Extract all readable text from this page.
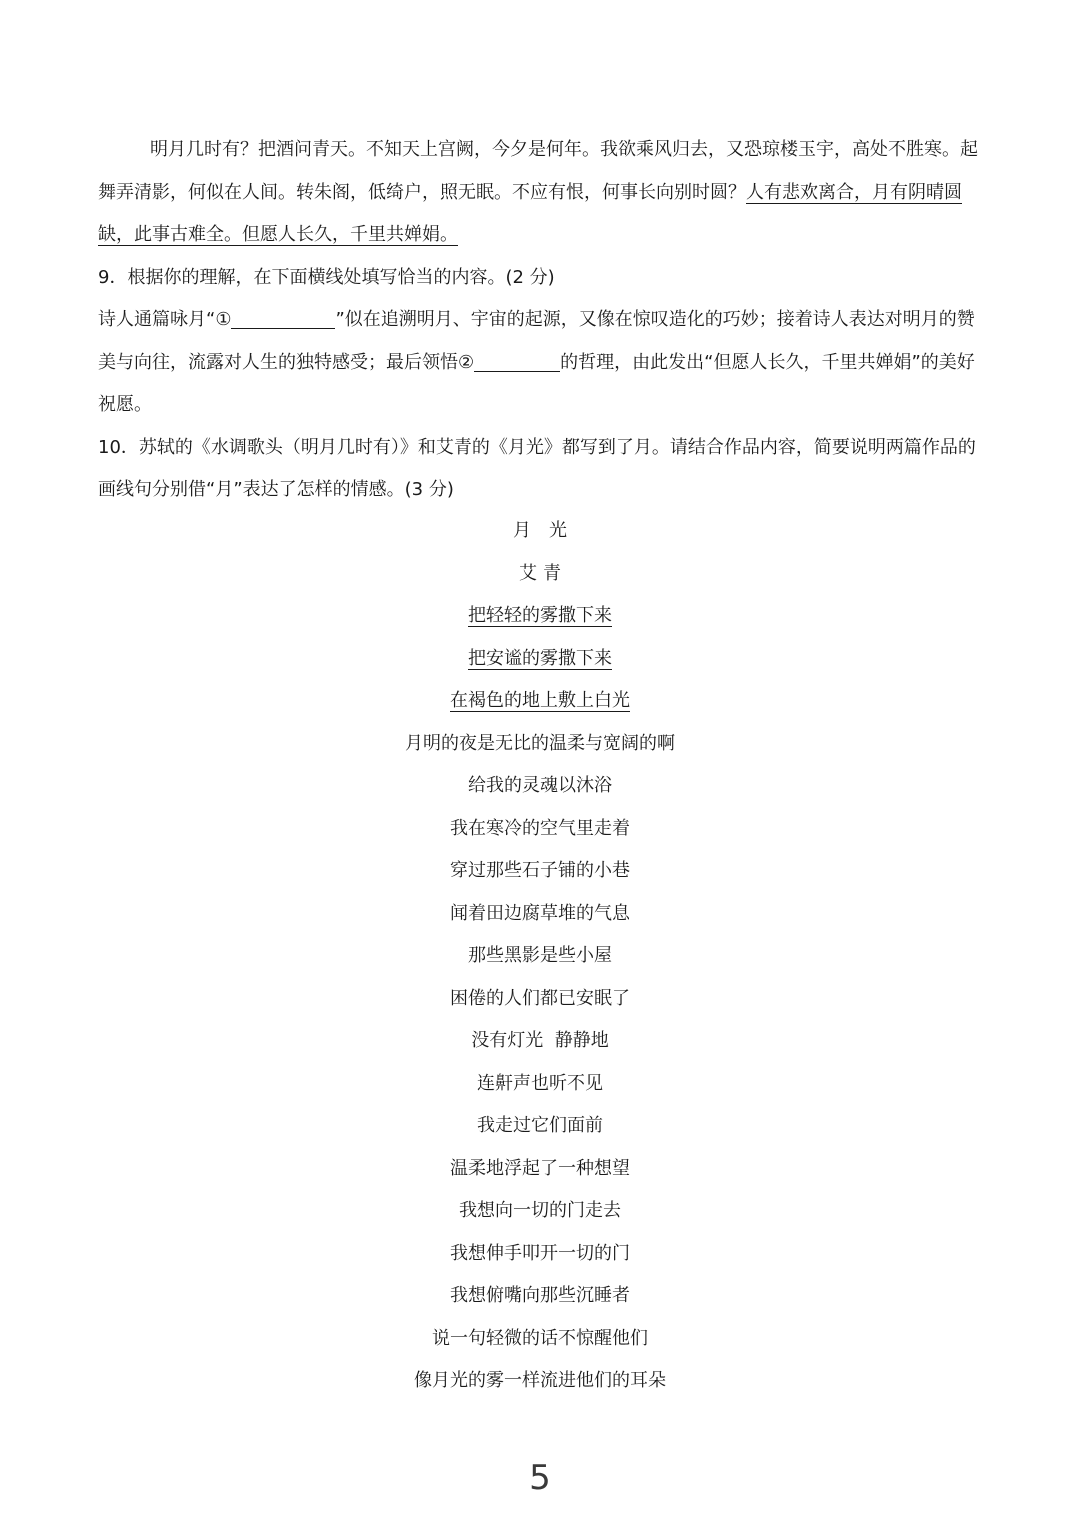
明月几时有？把酒问青天。不知天上宫阙，今夕是何年。我欲乘风归去，又恐琼楼玉宇，高处不胜寒。起舞弄清影，何似在人间。转朱阁，低绮户，照无眠。不应有恨，何事长向别时圆？人有悲欢离合，月有阴晴圆缺，此事古难全。但愿人长久，千里共婵娟。

9．根据你的理解，在下面横线处填写恰当的内容。(2 分)

诗人通篇咏月“①	”似在追溯明月、宇宙的起源，又像在惊叹造化的巧妙；接着诗人表达对明月的赞美与向往，流露对人生的独特感受；最后领悟②	的哲理，由此发出“但愿人长久，千里共婵娟”的美好祝愿。

10．苏轼的《水调歌头（明月几时有）》和艾青的《月光》都写到了月。请结合作品内容，简要说明两篇作品的画线句分别借“月”表达了怎样的情感。(3 分)

月光
艾青
把轻轻的雾撒下来
把安谧的雾撒下来
在褐色的地上敷上白光
月明的夜是无比的温柔与宽阔的啊
给我的灵魂以沐浴
我在寒冷的空气里走着
穿过那些石子铺的小巷
闻着田边腐草堆的气息
那些黑影是些小屋
困倦的人们都已安眠了
没有灯光  静静地
连鼾声也听不见
我走过它们面前
温柔地浮起了一种想望
我想向一切的门走去
我想伸手叩开一切的门
我想俯嘴向那些沉睡者
说一句轻微的话不惊醒他们
像月光的雾一样流进他们的耳朵
5
